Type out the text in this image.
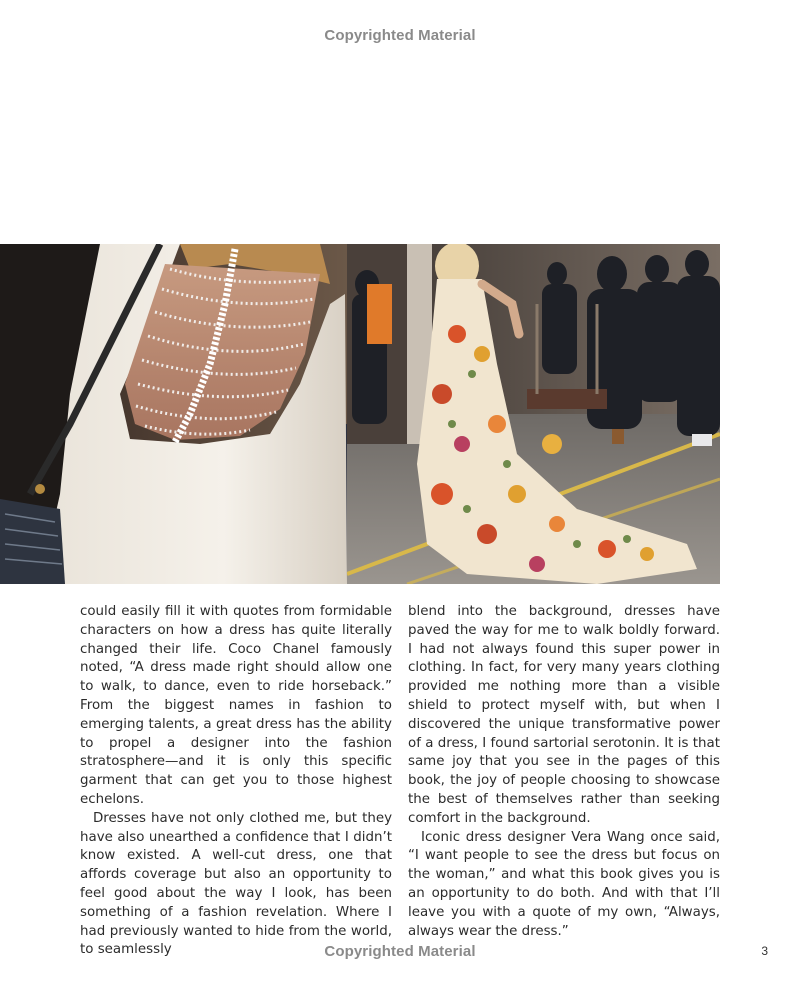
Copyrighted Material

could easily fill it with quotes from formidable characters on how a dress has quite literally changed their life. Coco Chanel famously noted, “A dress made right should allow one to walk, to dance, even to ride horseback.” From the biggest names in fashion to emerging talents, a great dress has the ability to propel a designer into the fashion stratosphere—and it is only this specific garment that can get you to those highest echelons.

Dresses have not only clothed me, but they have also unearthed a confidence that I didn’t know existed. A well-cut dress, one that affords coverage but also an opportunity to feel good about the way I look, has been something of a fashion revelation. Where I had previously wanted to hide from the world, to seamlessly

blend into the background, dresses have paved the way for me to walk boldly forward. I had not always found this super power in clothing. In fact, for very many years clothing provided me nothing more than a visible shield to protect myself with, but when I discovered the unique transformative power of a dress, I found sartorial serotonin. It is that same joy that you see in the pages of this book, the joy of people choosing to showcase the best of themselves rather than seeking comfort in the background.

Iconic dress designer Vera Wang once said, “I want people to see the dress but focus on the woman,” and what this book gives you is an opportunity to do both. And with that I’ll leave you with a quote of my own, “Always, always wear the dress.”

Copyrighted Material	3
